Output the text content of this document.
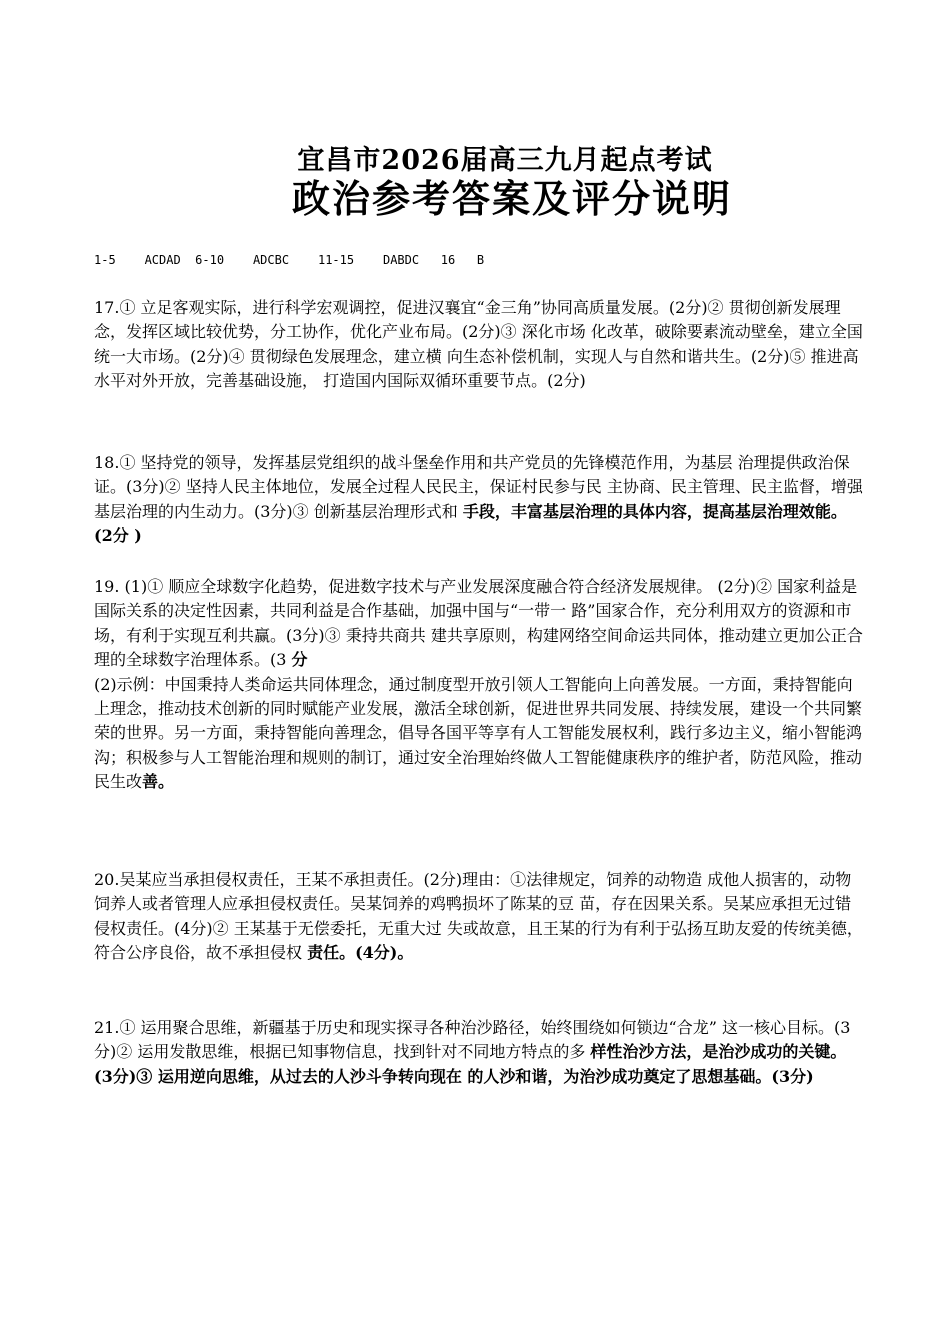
宜昌市2026届高三九月起点考试
政治参考答案及评分说明
1-5    ACDAD  6-10    ADCBC    11-15    DABDC   16   B

17.① 立足客观实际，进行科学宏观调控，促进汉襄宜“金三角”协同高质量发展。(2分)② 贯彻创新发展理念，发挥区域比较优势，分工协作，优化产业布局。(2分)③ 深化市场 化改革，破除要素流动壁垒，建立全国统一大市场。(2分)④ 贯彻绿色发展理念，建立横 向生态补偿机制，实现人与自然和谐共生。(2分)⑤ 推进高水平对外开放，完善基础设施， 打造国内国际双循环重要节点。(2分)

18.① 坚持党的领导，发挥基层党组织的战斗堡垒作用和共产党员的先锋模范作用，为基层 治理提供政治保证。(3分)② 坚持人民主体地位，发展全过程人民民主，保证村民参与民 主协商、民主管理、民主监督，增强基层治理的内生动力。(3分)③ 创新基层治理形式和 手段，丰富基层治理的具体内容，提高基层治理效能。(2分 )

19. (1)① 顺应全球数字化趋势，促进数字技术与产业发展深度融合符合经济发展规律。 (2分)② 国家利益是国际关系的决定性因素，共同利益是合作基础，加强中国与“一带一 路”国家合作，充分利用双方的资源和市场，有利于实现互利共赢。(3分)③ 秉持共商共 建共享原则，构建网络空间命运共同体，推动建立更加公正合理的全球数字治理体系。(3 分

(2)示例：中国秉持人类命运共同体理念，通过制度型开放引领人工智能向上向善发展。一方面，秉持智能向上理念，推动技术创新的同时赋能产业发展，激活全球创新，促进世界共同发展、持续发展，建设一个共同繁荣的世界。另一方面，秉持智能向善理念，倡导各国平等享有人工智能发展权利，践行多边主义，缩小智能鸿沟；积极参与人工智能治理和规则的制订，通过安全治理始终做人工智能健康秩序的维护者，防范风险，推动民生改善。

20.吴某应当承担侵权责任，王某不承担责任。(2分)理由：①法律规定，饲养的动物造 成他人损害的，动物饲养人或者管理人应承担侵权责任。吴某饲养的鸡鸭损坏了陈某的豆 苗，存在因果关系。吴某应承担无过错侵权责任。(4分)② 王某基于无偿委托，无重大过 失或故意，且王某的行为有利于弘扬互助友爱的传统美德，符合公序良俗，故不承担侵权 责任。(4分)。

21.① 运用聚合思维，新疆基于历史和现实探寻各种治沙路径，始终围绕如何锁边“合龙” 这一核心目标。(3分)② 运用发散思维，根据已知事物信息，找到针对不同地方特点的多 样性治沙方法，是治沙成功的关键。(3分)③ 运用逆向思维，从过去的人沙斗争转向现在 的人沙和谐，为治沙成功奠定了思想基础。(3分)
